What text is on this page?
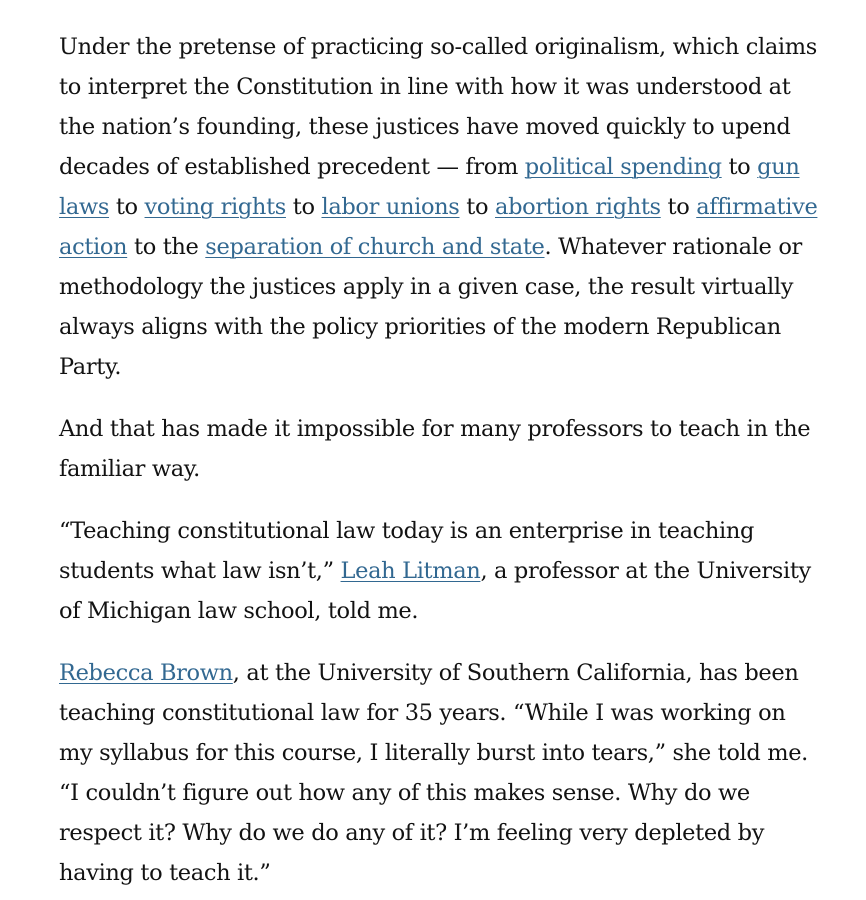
Under the pretense of practicing so-called originalism, which claims to interpret the Constitution in line with how it was understood at the nation’s founding, these justices have moved quickly to upend decades of established precedent — from political spending to gun laws to voting rights to labor unions to abortion rights to affirmative action to the separation of church and state. Whatever rationale or methodology the justices apply in a given case, the result virtually always aligns with the policy priorities of the modern Republican Party.

And that has made it impossible for many professors to teach in the familiar way.

“Teaching constitutional law today is an enterprise in teaching students what law isn’t,” Leah Litman, a professor at the University of Michigan law school, told me.

Rebecca Brown, at the University of Southern California, has been teaching constitutional law for 35 years. “While I was working on my syllabus for this course, I literally burst into tears,” she told me. “I couldn’t figure out how any of this makes sense. Why do we respect it? Why do we do any of it? I’m feeling very depleted by having to teach it.”
